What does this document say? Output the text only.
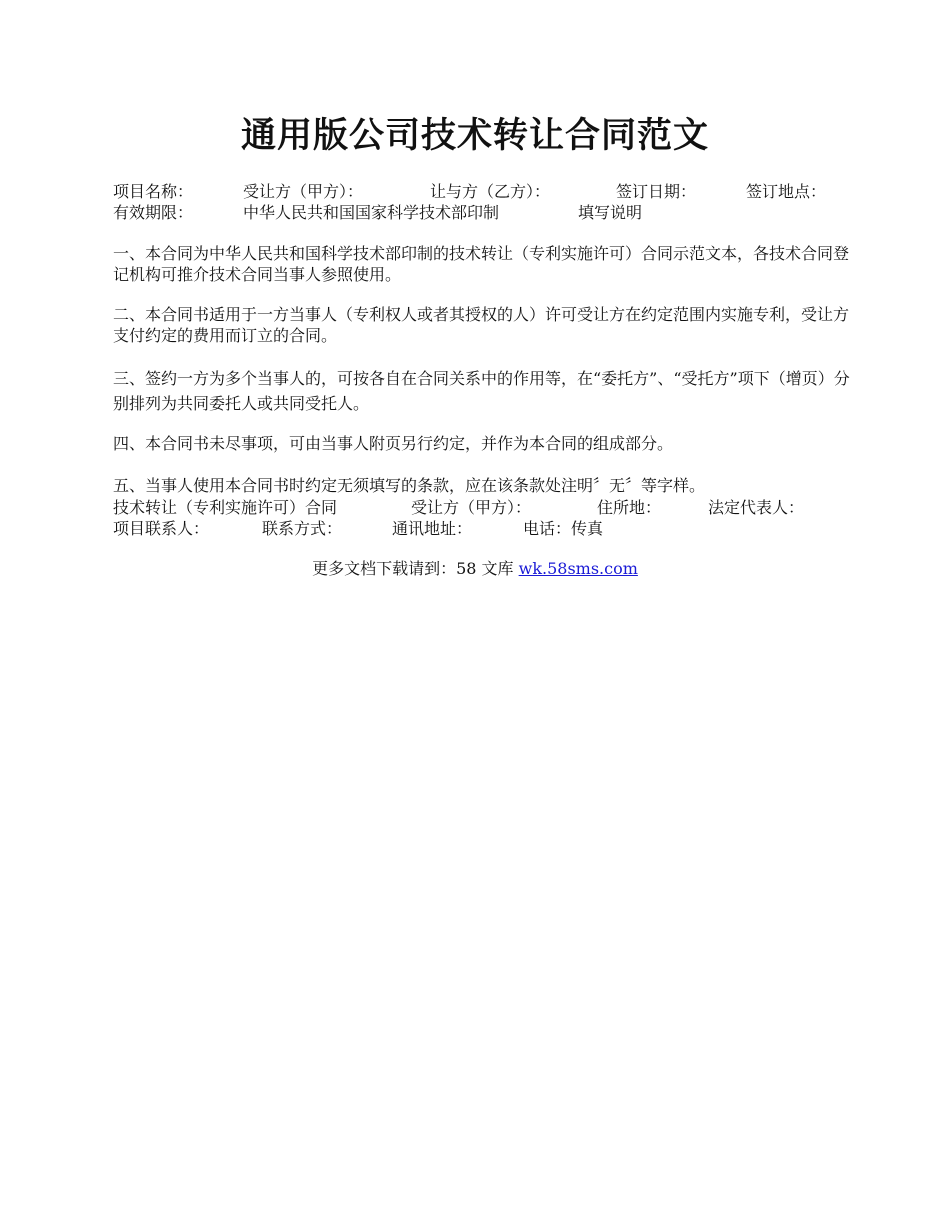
通用版公司技术转让合同范文
项目名称：	受让方（甲方）：	让与方（乙方）：	签订日期：	签订地点：
有效期限：	中华人民共和国国家科学技术部印制	填写说明
一、本合同为中华人民共和国科学技术部印制的技术转让（专利实施许可）合同示范文本，各技术合同登记机构可推介技术合同当事人参照使用。
二、本合同书适用于一方当事人（专利权人或者其授权的人）许可受让方在约定范围内实施专利，受让方支付约定的费用而订立的合同。
三、签约一方为多个当事人的，可按各自在合同关系中的作用等，在“委托方”、“受托方”项下（增页）分别排列为共同委托人或共同受托人。
四、本合同书未尽事项，可由当事人附页另行约定，并作为本合同的组成部分。
五、当事人使用本合同书时约定无须填写的条款，应在该条款处注明〞无〞等字样。
技术转让（专利实施许可）合同	受让方（甲方）：	住所地：	法定代表人：
项目联系人：	联系方式：	通讯地址：	电话：传真
更多文档下载请到：58 文库 wk.58sms.com
